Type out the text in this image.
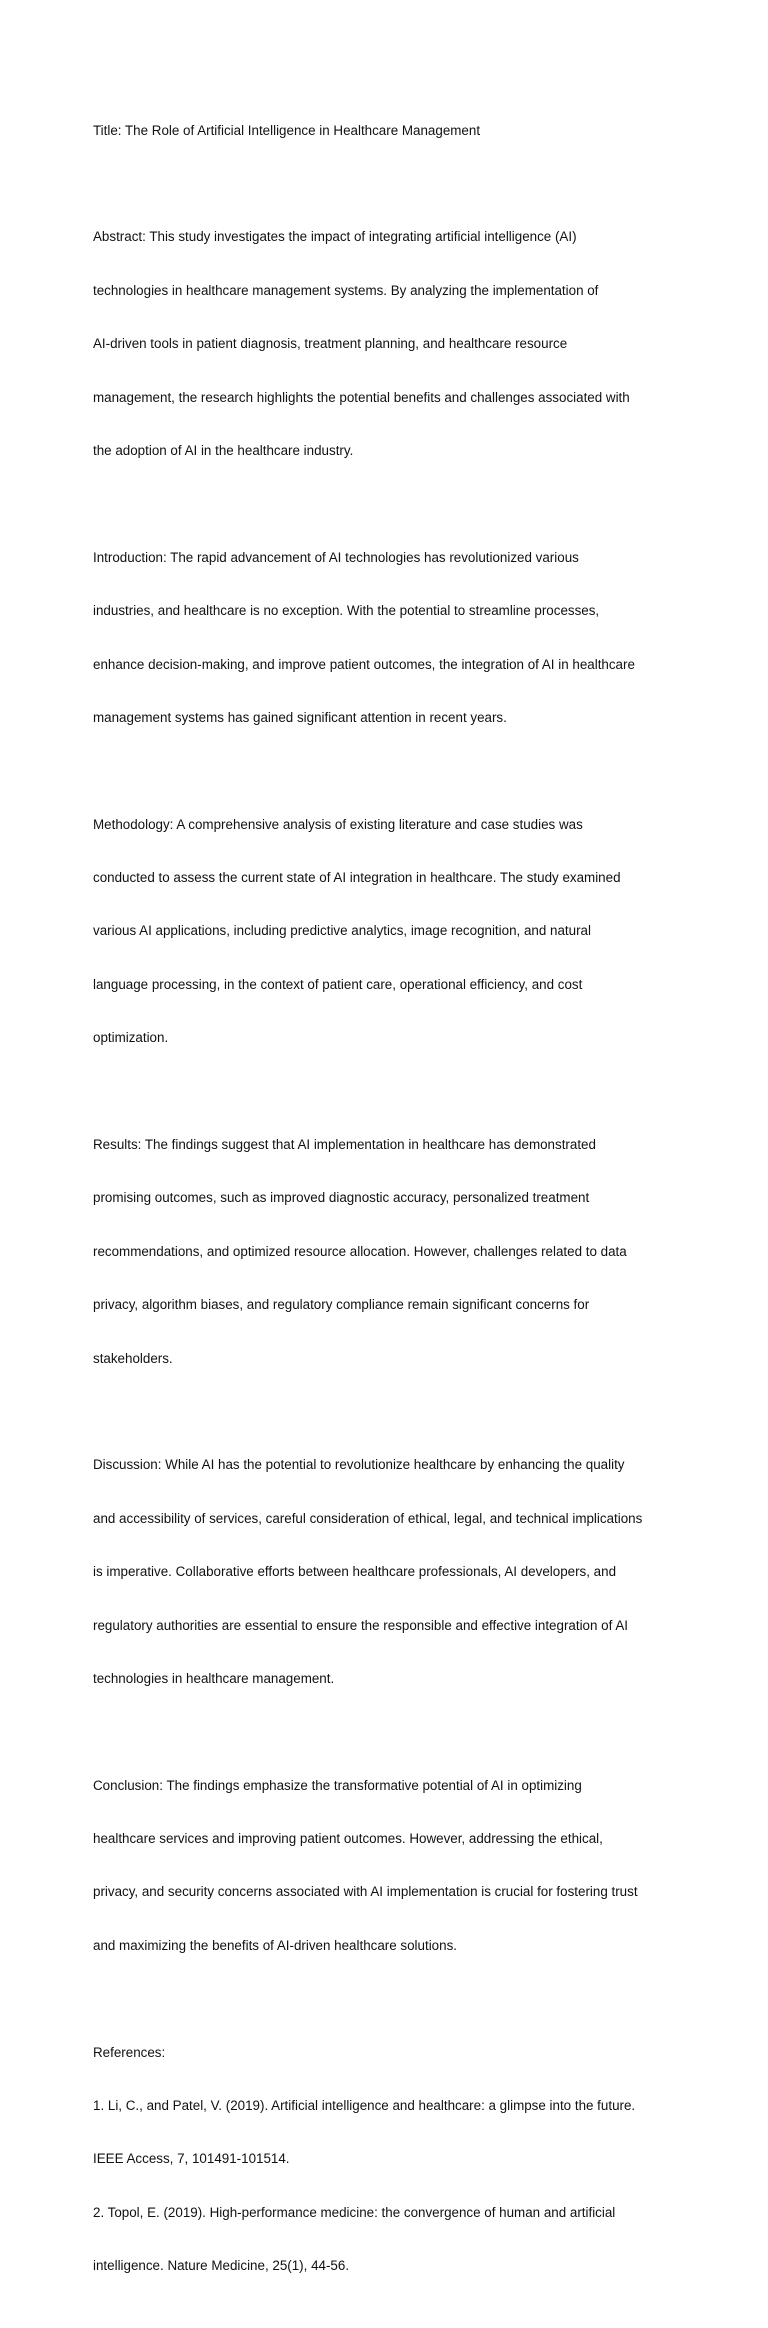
Title: The Role of Artificial Intelligence in Healthcare Management

Abstract: This study investigates the impact of integrating artificial intelligence (AI)

technologies in healthcare management systems. By analyzing the implementation of

AI-driven tools in patient diagnosis, treatment planning, and healthcare resource

management, the research highlights the potential benefits and challenges associated with

the adoption of AI in the healthcare industry.

Introduction: The rapid advancement of AI technologies has revolutionized various

industries, and healthcare is no exception. With the potential to streamline processes,

enhance decision-making, and improve patient outcomes, the integration of AI in healthcare

management systems has gained significant attention in recent years.

Methodology: A comprehensive analysis of existing literature and case studies was

conducted to assess the current state of AI integration in healthcare. The study examined

various AI applications, including predictive analytics, image recognition, and natural

language processing, in the context of patient care, operational efficiency, and cost

optimization.

Results: The findings suggest that AI implementation in healthcare has demonstrated

promising outcomes, such as improved diagnostic accuracy, personalized treatment

recommendations, and optimized resource allocation. However, challenges related to data

privacy, algorithm biases, and regulatory compliance remain significant concerns for

stakeholders.

Discussion: While AI has the potential to revolutionize healthcare by enhancing the quality

and accessibility of services, careful consideration of ethical, legal, and technical implications

is imperative. Collaborative efforts between healthcare professionals, AI developers, and

regulatory authorities are essential to ensure the responsible and effective integration of AI

technologies in healthcare management.

Conclusion: The findings emphasize the transformative potential of AI in optimizing

healthcare services and improving patient outcomes. However, addressing the ethical,

privacy, and security concerns associated with AI implementation is crucial for fostering trust

and maximizing the benefits of AI-driven healthcare solutions.

References:

1. Li, C., and Patel, V. (2019). Artificial intelligence and healthcare: a glimpse into the future.

IEEE Access, 7, 101491-101514.

2. Topol, E. (2019). High-performance medicine: the convergence of human and artificial

intelligence. Nature Medicine, 25(1), 44-56.
